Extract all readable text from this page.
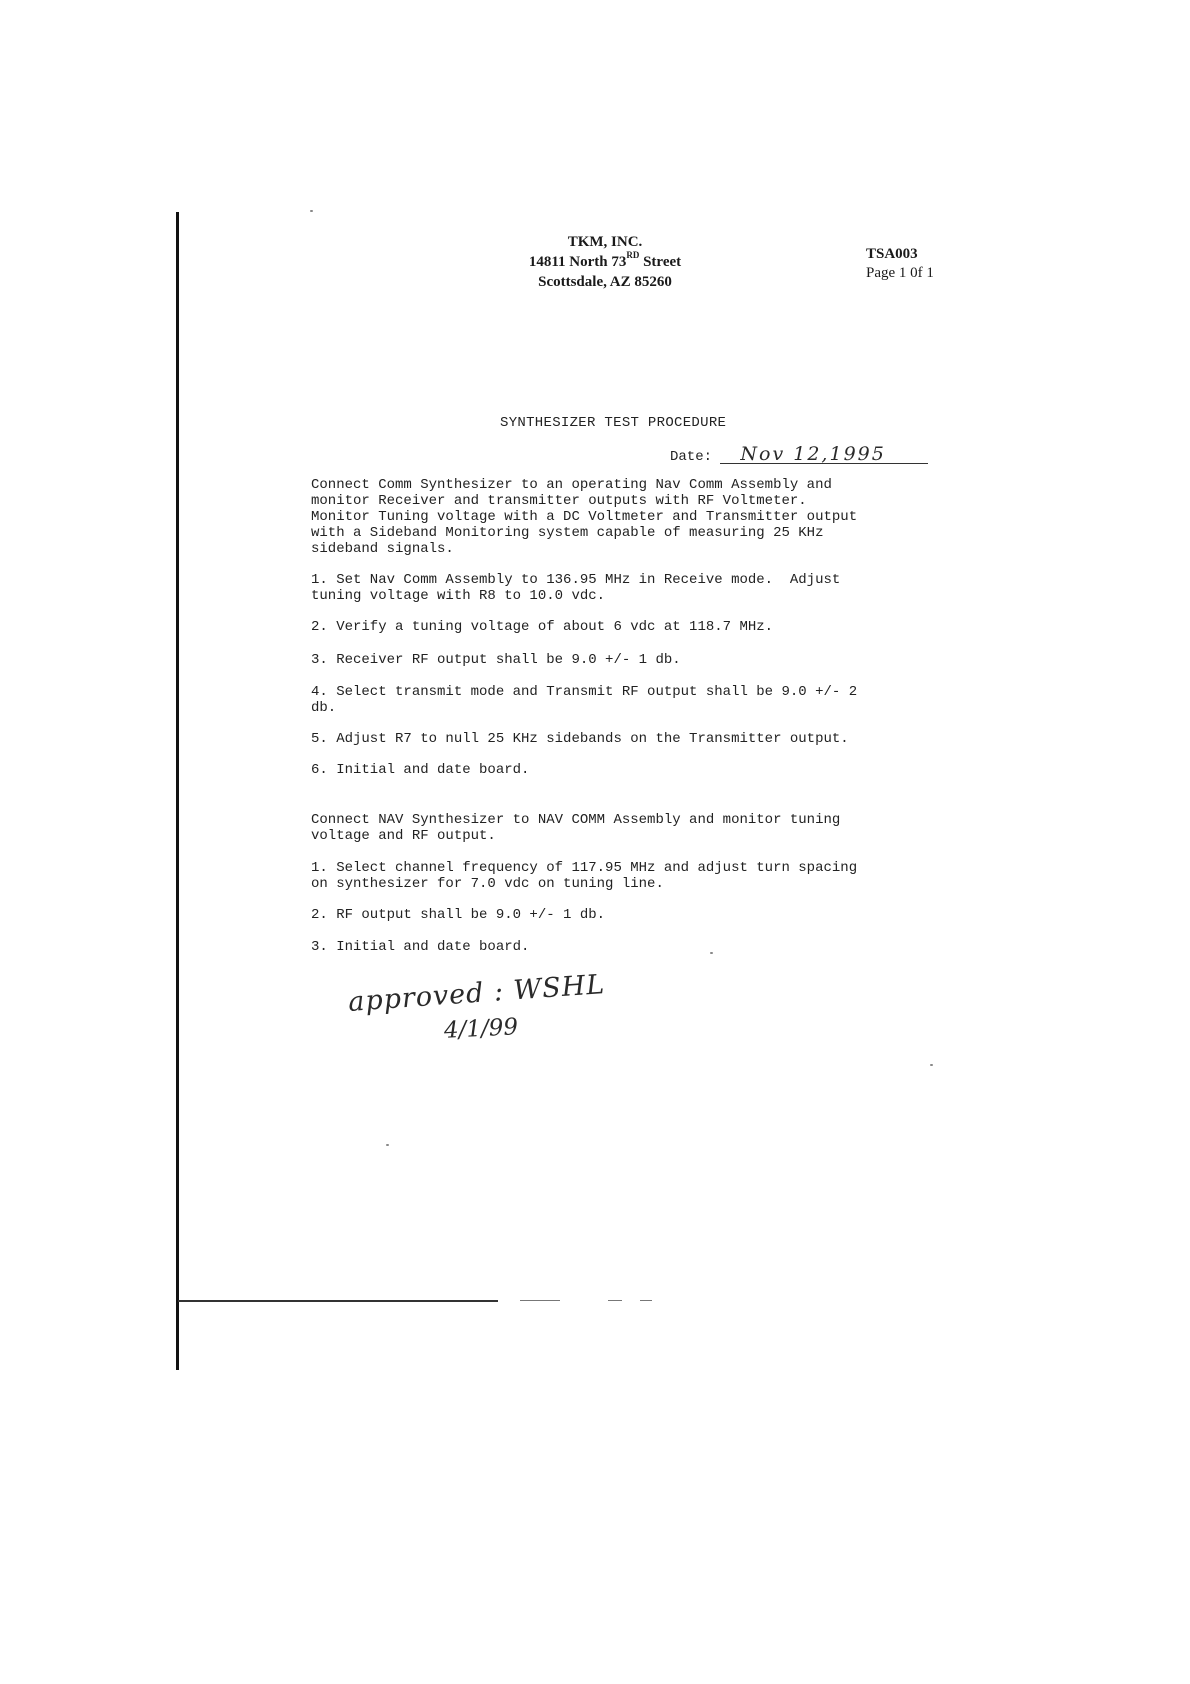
TKM, INC.
14811 North 73RD Street
Scottsdale, AZ 85260
TSA003
Page 1 0f 1
SYNTHESIZER TEST PROCEDURE
Date: Nov 12,1995
Connect Comm Synthesizer to an operating Nav Comm Assembly and
monitor Receiver and transmitter outputs with RF Voltmeter.
Monitor Tuning voltage with a DC Voltmeter and Transmitter output
with a Sideband Monitoring system capable of measuring 25 KHz
sideband signals.
1. Set Nav Comm Assembly to 136.95 MHz in Receive mode.  Adjust
tuning voltage with R8 to 10.0 vdc.
2. Verify a tuning voltage of about 6 vdc at 118.7 MHz.
3. Receiver RF output shall be 9.0 +/- 1 db.
4. Select transmit mode and Transmit RF output shall be 9.0 +/- 2
db.
5. Adjust R7 to null 25 KHz sidebands on the Transmitter output.
6. Initial and date board.
Connect NAV Synthesizer to NAV COMM Assembly and monitor tuning
voltage and RF output.
1. Select channel frequency of 117.95 MHz and adjust turn spacing
on synthesizer for 7.0 vdc on tuning line.
2. RF output shall be 9.0 +/- 1 db.
3. Initial and date board.
approved : WSHL
4/1/99
